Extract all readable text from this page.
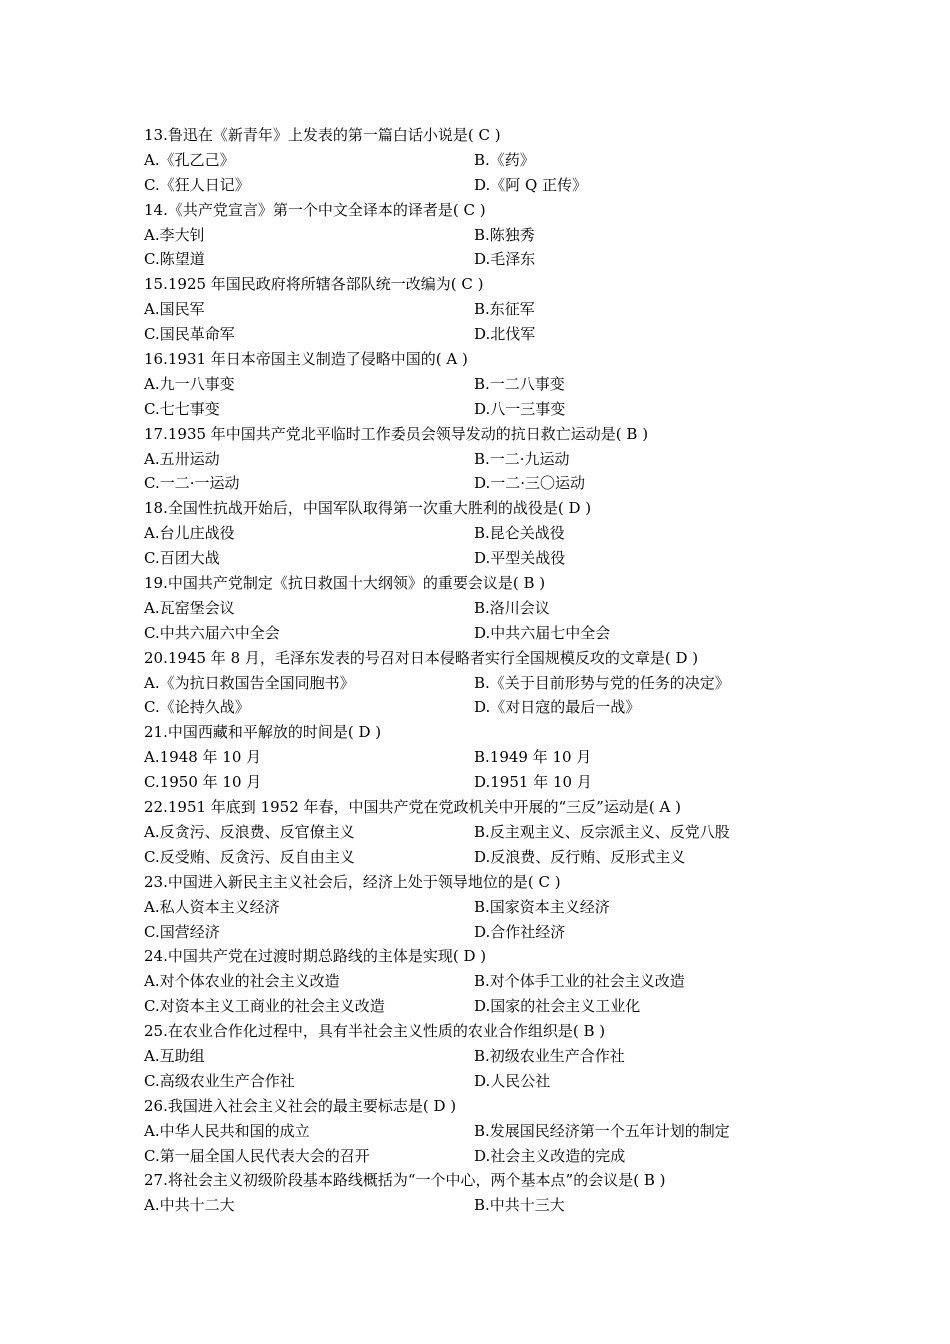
13.鲁迅在《新青年》上发表的第一篇白话小说是( C )
A.《孔乙己》	B.《药》
C.《狂人日记》	D.《阿 Q 正传》
14.《共产党宣言》第一个中文全译本的译者是( C )
A.李大钊	B.陈独秀
C.陈望道	D.毛泽东
15.1925 年国民政府将所辖各部队统一改编为( C )
A.国民军	B.东征军
C.国民革命军	D.北伐军
16.1931 年日本帝国主义制造了侵略中国的( A )
A.九一八事变	B.一二八事变
C.七七事变	D.八一三事变
17.1935 年中国共产党北平临时工作委员会领导发动的抗日救亡运动是( B )
A.五卅运动	B.一二·九运动
C.一二·一运动	D.一二·三〇运动
18.全国性抗战开始后，中国军队取得第一次重大胜利的战役是( D )
A.台儿庄战役	B.昆仑关战役
C.百团大战	D.平型关战役
19.中国共产党制定《抗日救国十大纲领》的重要会议是( B )
A.瓦窑堡会议	B.洛川会议
C.中共六届六中全会	D.中共六届七中全会
20.1945 年 8 月，毛泽东发表的号召对日本侵略者实行全国规模反攻的文章是( D )
A.《为抗日救国告全国同胞书》	B.《关于目前形势与党的任务的决定》
C.《论持久战》	D.《对日寇的最后一战》
21.中国西藏和平解放的时间是( D )
A.1948 年 10 月	B.1949 年 10 月
C.1950 年 10 月	D.1951 年 10 月
22.1951 年底到 1952 年春，中国共产党在党政机关中开展的“三反”运动是( A )
A.反贪污、反浪费、反官僚主义	B.反主观主义、反宗派主义、反党八股
C.反受贿、反贪污、反自由主义	D.反浪费、反行贿、反形式主义
23.中国进入新民主主义社会后，经济上处于领导地位的是( C )
A.私人资本主义经济	B.国家资本主义经济
C.国营经济	D.合作社经济
24.中国共产党在过渡时期总路线的主体是实现( D )
A.对个体农业的社会主义改造	B.对个体手工业的社会主义改造
C.对资本主义工商业的社会主义改造	D.国家的社会主义工业化
25.在农业合作化过程中，具有半社会主义性质的农业合作组织是( B )
A.互助组	B.初级农业生产合作社
C.高级农业生产合作社	D.人民公社
26.我国进入社会主义社会的最主要标志是( D )
A.中华人民共和国的成立	B.发展国民经济第一个五年计划的制定
C.第一届全国人民代表大会的召开	D.社会主义改造的完成
27.将社会主义初级阶段基本路线概括为“一个中心，两个基本点”的会议是( B )
A.中共十二大	B.中共十三大
